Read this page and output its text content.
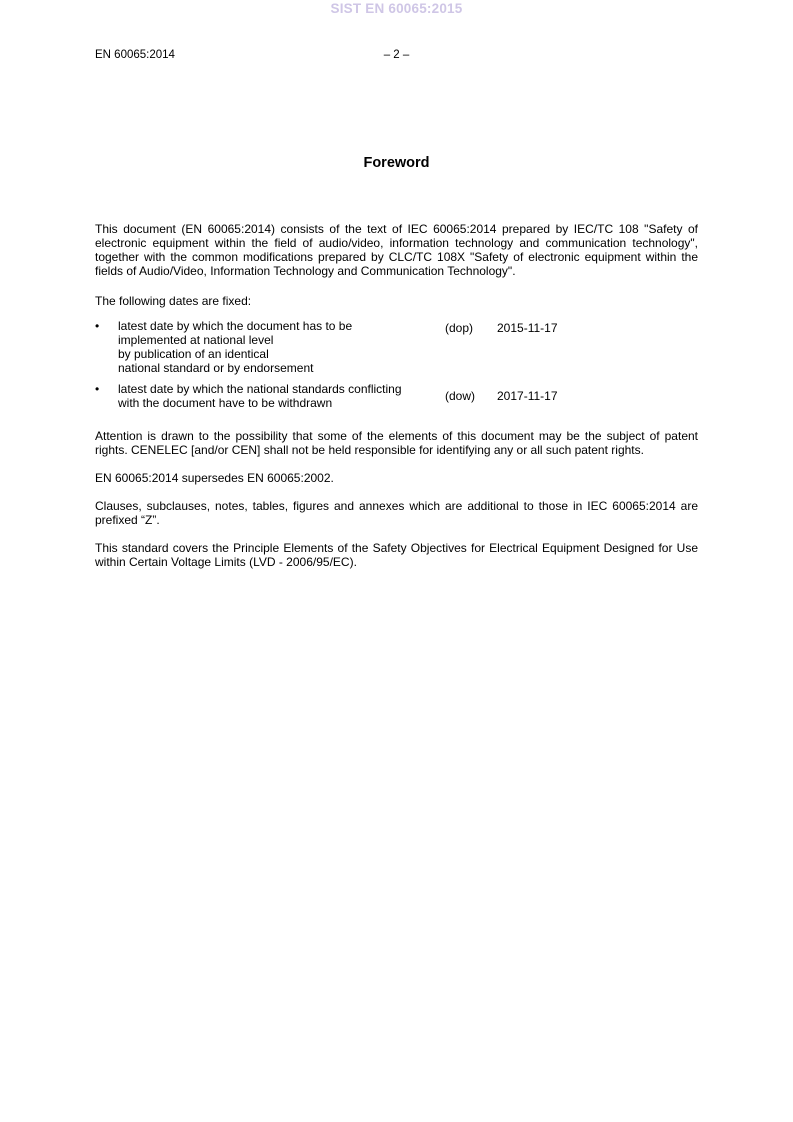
SIST EN 60065:2015
EN 60065:2014	– 2 –
Foreword

This document (EN 60065:2014) consists of the text of IEC 60065:2014 prepared by IEC/TC 108 "Safety of electronic equipment within the field of audio/video, information technology and communication technology", together with the common modifications prepared by CLC/TC 108X "Safety of electronic equipment within the fields of Audio/Video, Information Technology and Communication Technology".

The following dates are fixed:

•	latest date by which the document has to be
implemented at national level
by publication of an identical
national standard or by endorsement
(dop)	2015-11-17
•	latest date by which the national standards conflicting
with the document have to be withdrawn	(dow)	2017-11-17

Attention is drawn to the possibility that some of the elements of this document may be the subject of patent rights. CENELEC [and/or CEN] shall not be held responsible for identifying any or all such patent rights.

EN 60065:2014 supersedes EN 60065:2002.

Clauses, subclauses, notes, tables, figures and annexes which are additional to those in IEC 60065:2014 are prefixed “Z”.

This standard covers the Principle Elements of the Safety Objectives for Electrical Equipment Designed for Use within Certain Voltage Limits (LVD - 2006/95/EC).
